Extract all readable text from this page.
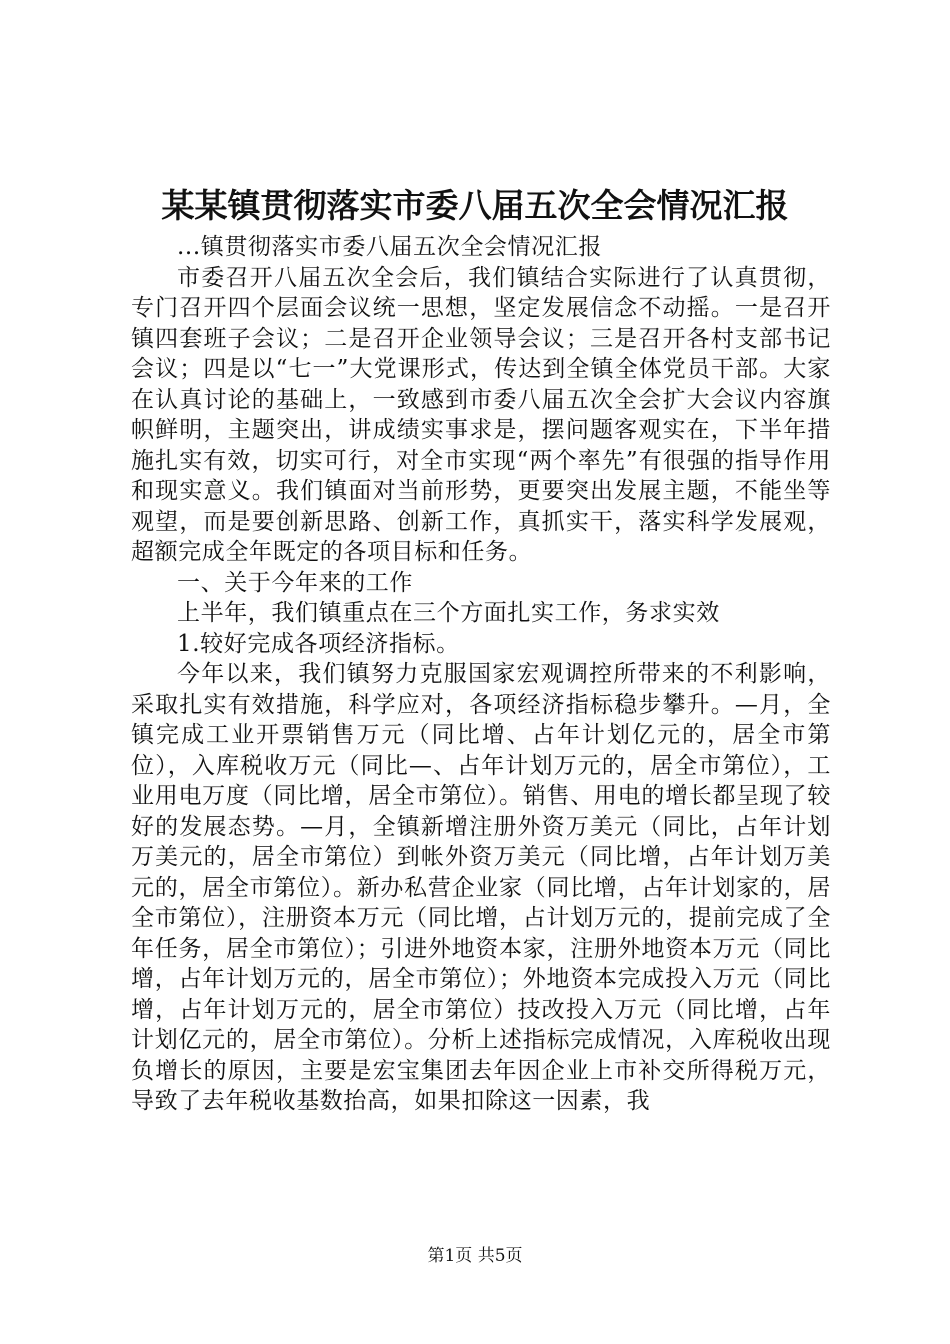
某某镇贯彻落实市委八届五次全会情况汇报

...镇贯彻落实市委八届五次全会情况汇报

市委召开八届五次全会后，我们镇结合实际进行了认真贯彻，专门召开四个层面会议统一思想，坚定发展信念不动摇。一是召开镇四套班子会议；二是召开企业领导会议；三是召开各村支部书记会议；四是以“七一”大党课形式，传达到全镇全体党员干部。大家在认真讨论的基础上，一致感到市委八届五次全会扩大会议内容旗帜鲜明，主题突出，讲成绩实事求是，摆问题客观实在，下半年措施扎实有效，切实可行，对全市实现“两个率先”有很强的指导作用和现实意义。我们镇面对当前形势，更要突出发展主题，不能坐等观望，而是要创新思路、创新工作，真抓实干，落实科学发展观，超额完成全年既定的各项目标和任务。

一、关于今年来的工作

上半年，我们镇重点在三个方面扎实工作，务求实效

1.较好完成各项经济指标。

今年以来，我们镇努力克服国家宏观调控所带来的不利影响，采取扎实有效措施，科学应对，各项经济指标稳步攀升。—月，全镇完成工业开票销售万元（同比增、占年计划亿元的，居全市第位），入库税收万元（同比—、占年计划万元的，居全市第位），工业用电万度（同比增，居全市第位）。销售、用电的增长都呈现了较好的发展态势。—月，全镇新增注册外资万美元（同比，占年计划万美元的，居全市第位）到帐外资万美元（同比增，占年计划万美元的，居全市第位）。新办私营企业家（同比增，占年计划家的，居全市第位），注册资本万元（同比增，占计划万元的，提前完成了全年任务，居全市第位）；引进外地资本家，注册外地资本万元（同比增，占年计划万元的，居全市第位）；外地资本完成投入万元（同比增，占年计划万元的，居全市第位）技改投入万元（同比增，占年计划亿元的，居全市第位）。分析上述指标完成情况，入库税收出现负增长的原因，主要是宏宝集团去年因企业上市补交所得税万元，导致了去年税收基数抬高，如果扣除这一因素，我

第1页 共5页
